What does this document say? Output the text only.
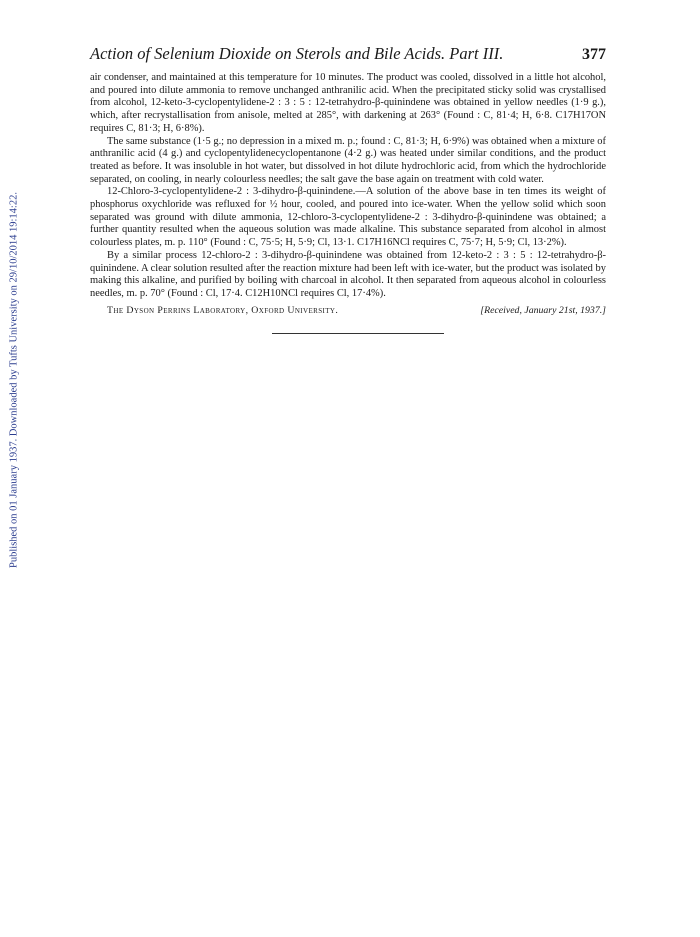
Published on 01 January 1937. Downloaded by Tufts University on 29/10/2014 19:14:22.
Action of Selenium Dioxide on Sterols and Bile Acids. Part III.	377

air condenser, and maintained at this temperature for 10 minutes. The product was cooled, dissolved in a little hot alcohol, and poured into dilute ammonia to remove unchanged anthranilic acid. When the precipitated sticky solid was crystallised from alcohol, 12-keto-3-cyclopentylidene-2 : 3 : 5 : 12-tetrahydro-β-quinindene was obtained in yellow needles (1·9 g.), which, after recrystallisation from anisole, melted at 285°, with darkening at 263° (Found : C, 81·4; H, 6·8. C17H17ON requires C, 81·3; H, 6·8%).

The same substance (1·5 g.; no depression in a mixed m. p.; found : C, 81·3; H, 6·9%) was obtained when a mixture of anthranilic acid (4 g.) and cyclopentylidenecyclopentanone (4·2 g.) was heated under similar conditions, and the product treated as before. It was insoluble in hot water, but dissolved in hot dilute hydrochloric acid, from which the hydrochloride separated, on cooling, in nearly colourless needles; the salt gave the base again on treatment with cold water.

12-Chloro-3-cyclopentylidene-2 : 3-dihydro-β-quinindene.—A solution of the above base in ten times its weight of phosphorus oxychloride was refluxed for ½ hour, cooled, and poured into ice-water. When the yellow solid which soon separated was ground with dilute ammonia, 12-chloro-3-cyclopentylidene-2 : 3-dihydro-β-quinindene was obtained; a further quantity resulted when the aqueous solution was made alkaline. This substance separated from alcohol in almost colourless plates, m. p. 110° (Found : C, 75·5; H, 5·9; Cl, 13·1. C17H16NCl requires C, 75·7; H, 5·9; Cl, 13·2%).

By a similar process 12-chloro-2 : 3-dihydro-β-quinindene was obtained from 12-keto-2 : 3 : 5 : 12-tetrahydro-β-quinindene. A clear solution resulted after the reaction mixture had been left with ice-water, but the product was isolated by making this alkaline, and purified by boiling with charcoal in alcohol. It then separated from aqueous alcohol in colourless needles, m. p. 70° (Found : Cl, 17·4. C12H10NCl requires Cl, 17·4%).

The Dyson Perrins Laboratory, Oxford University.	[Received, January 21st, 1937.]
